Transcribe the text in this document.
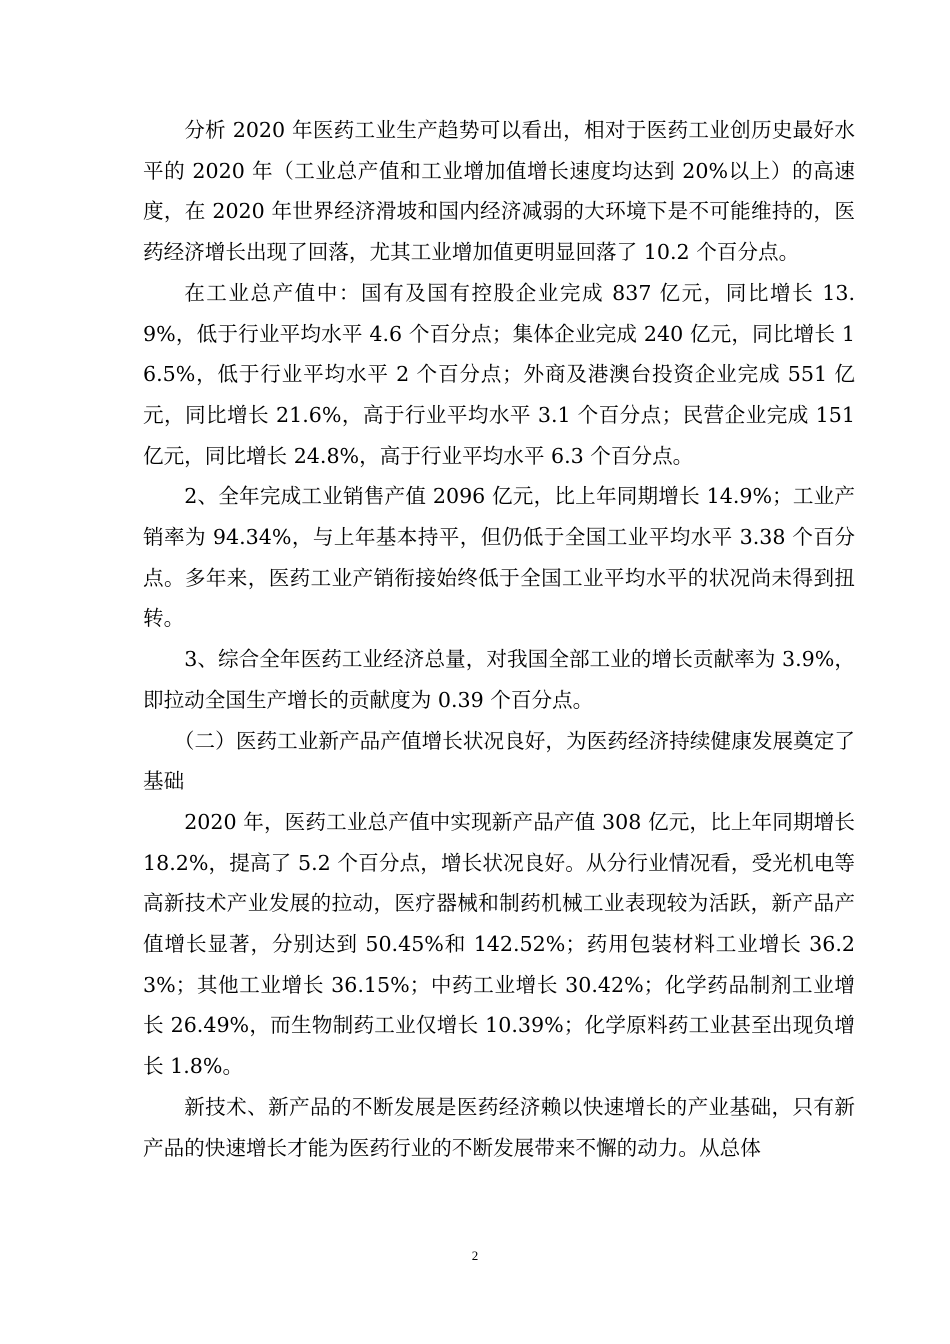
分析 2020 年医药工业生产趋势可以看出，相对于医药工业创历史最好水平的 2020 年（工业总产值和工业增加值增长速度均达到 20%以上）的高速度，在 2020 年世界经济滑坡和国内经济减弱的大环境下是不可能维持的，医药经济增长出现了回落，尤其工业增加值更明显回落了 10.2 个百分点。

在工业总产值中：国有及国有控股企业完成 837 亿元，同比增长 13.9%，低于行业平均水平 4.6 个百分点；集体企业完成 240 亿元，同比增长 16.5%，低于行业平均水平 2 个百分点；外商及港澳台投资企业完成 551 亿元，同比增长 21.6%，高于行业平均水平 3.1 个百分点；民营企业完成 151 亿元，同比增长 24.8%，高于行业平均水平 6.3 个百分点。

2、全年完成工业销售产值 2096 亿元，比上年同期增长 14.9%；工业产销率为 94.34%，与上年基本持平，但仍低于全国工业平均水平 3.38 个百分点。多年来，医药工业产销衔接始终低于全国工业平均水平的状况尚未得到扭转。

3、综合全年医药工业经济总量，对我国全部工业的增长贡献率为 3.9%，即拉动全国生产增长的贡献度为 0.39 个百分点。

（二）医药工业新产品产值增长状况良好，为医药经济持续健康发展奠定了基础

2020 年，医药工业总产值中实现新产品产值 308 亿元，比上年同期增长 18.2%，提高了 5.2 个百分点，增长状况良好。从分行业情况看，受光机电等高新技术产业发展的拉动，医疗器械和制药机械工业表现较为活跃，新产品产值增长显著，分别达到 50.45%和 142.52%；药用包装材料工业增长 36.23%；其他工业增长 36.15%；中药工业增长 30.42%；化学药品制剂工业增长 26.49%，而生物制药工业仅增长 10.39%；化学原料药工业甚至出现负增长 1.8%。

新技术、新产品的不断发展是医药经济赖以快速增长的产业基础，只有新产品的快速增长才能为医药行业的不断发展带来不懈的动力。从总体

2
